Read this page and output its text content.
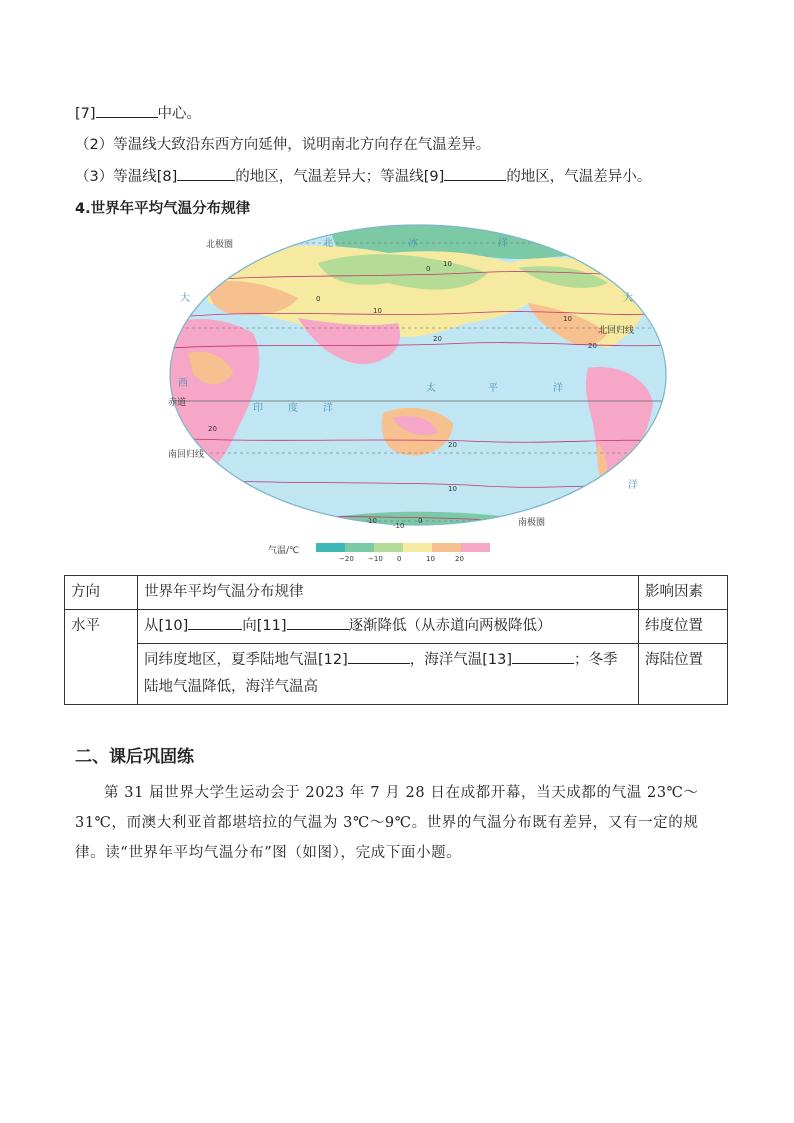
[7]	中心。
（2）等温线大致沿东西方向延伸，说明南北方向存在气温差异。
（3）等温线[8]	的地区，气温差异大；等温线[9]	的地区，气温差异小。
4.世界年平均气温分布规律
北极圈
北回归线
赤道
南回归线
南极圈
北	冰	洋
大	大
太	平	洋
西
印	度	洋
洋
0
10
10
20
0
20
10
20
20
10
10
-10
0
气温/℃
−20 −10 0	10	20
方向	世界年平均气温分布规律	影响因素
水平	从[10] 向[11] 逐渐降低（从赤道向两极降低）	纬度位置
	同纬度地区，夏季陆地气温[12] ，海洋气温[13] ；冬季陆地气温降低，海洋气温高	海陆位置
二、课后巩固练
第 31 届世界大学生运动会于 2023 年 7 月 28 日在成都开幕，当天成都的气温 23℃～31℃，而澳大利亚首都堪培拉的气温为 3℃～9℃。世界的气温分布既有差异，又有一定的规律。读“世界年平均气温分布”图（如图），完成下面小题。
